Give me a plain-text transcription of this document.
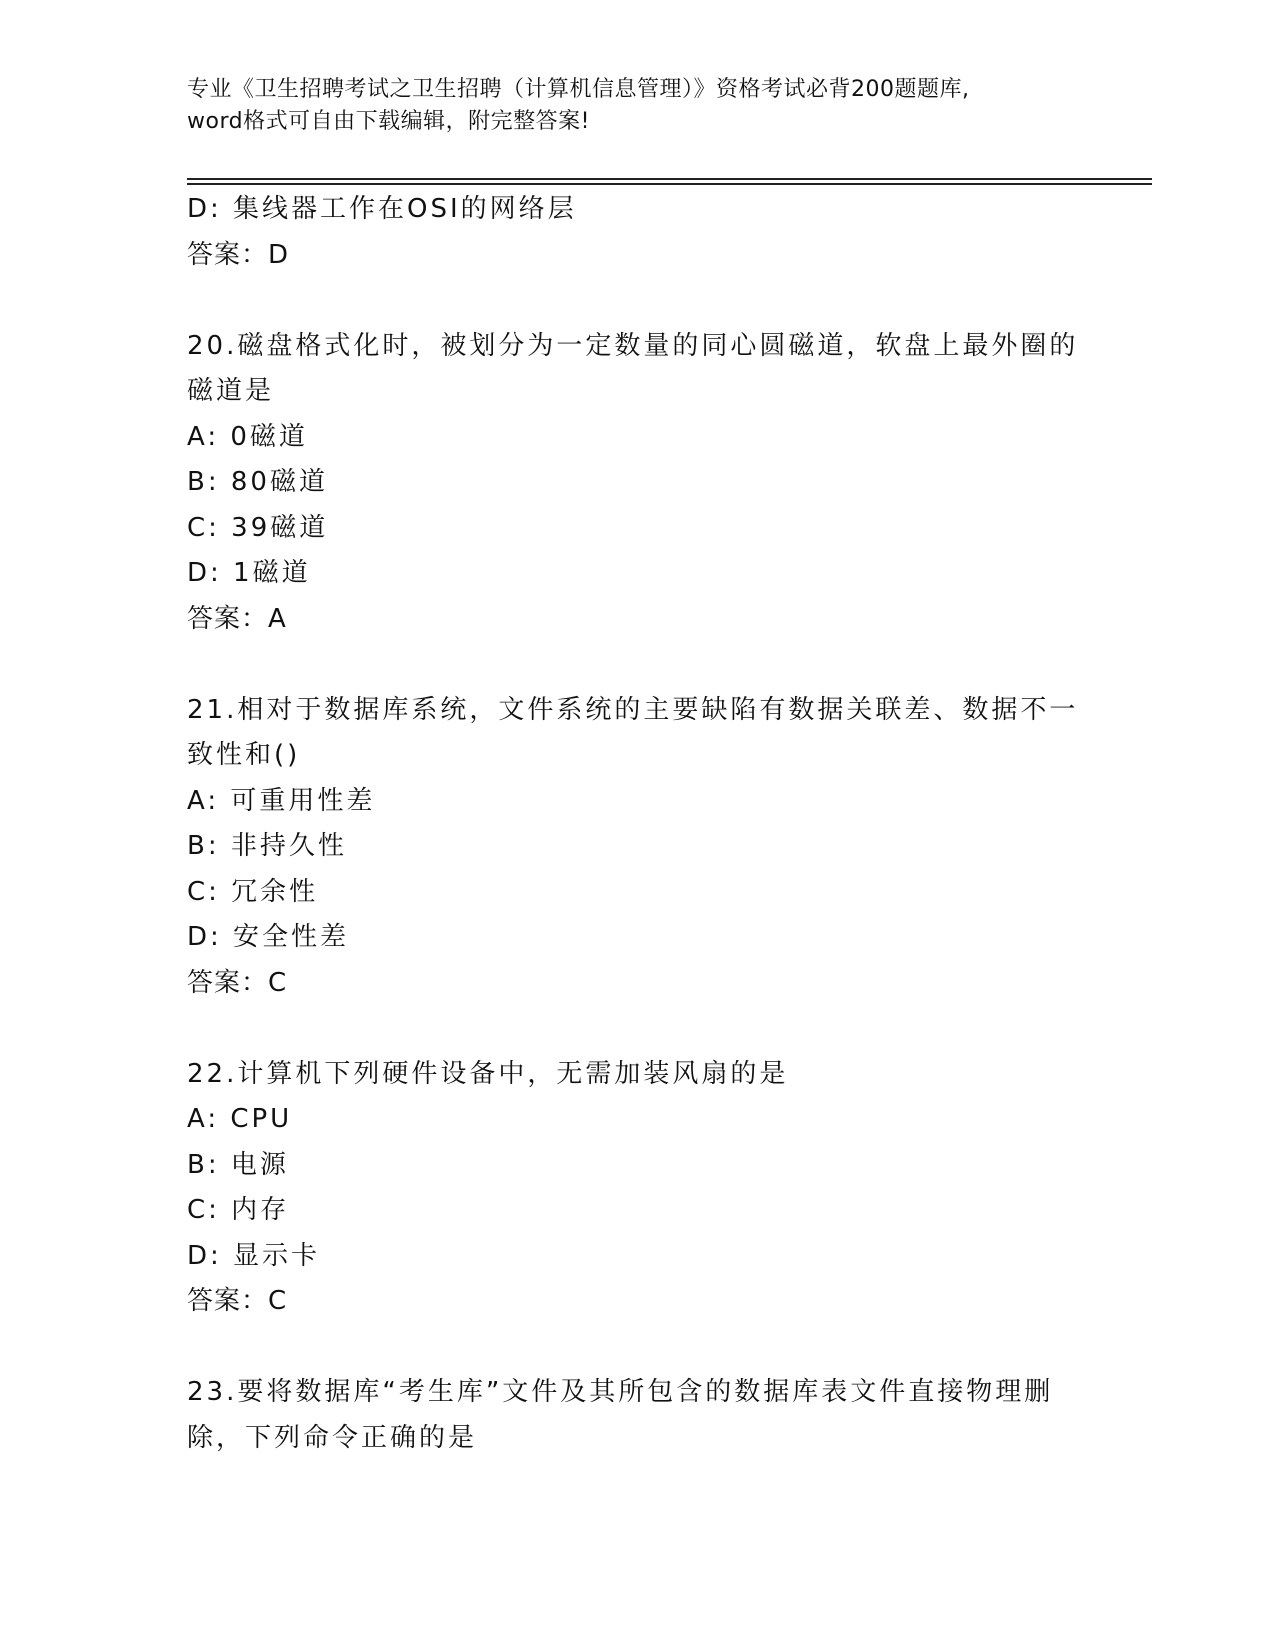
专业《卫生招聘考试之卫生招聘（计算机信息管理）》资格考试必背200题题库,
word格式可自由下载编辑，附完整答案!
D: 集线器工作在OSI的网络层
答案：D
20.磁盘格式化时，被划分为一定数量的同心圆磁道，软盘上最外圈的
磁道是
A: 0磁道
B: 80磁道
C: 39磁道
D: 1磁道
答案：A
21.相对于数据库系统，文件系统的主要缺陷有数据关联差、数据不一
致性和()
A: 可重用性差
B: 非持久性
C: 冗余性
D: 安全性差
答案：C
22.计算机下列硬件设备中，无需加装风扇的是
A: CPU
B: 电源
C: 内存
D: 显示卡
答案：C
23.要将数据库“考生库”文件及其所包含的数据库表文件直接物理删
除，下列命令正确的是
